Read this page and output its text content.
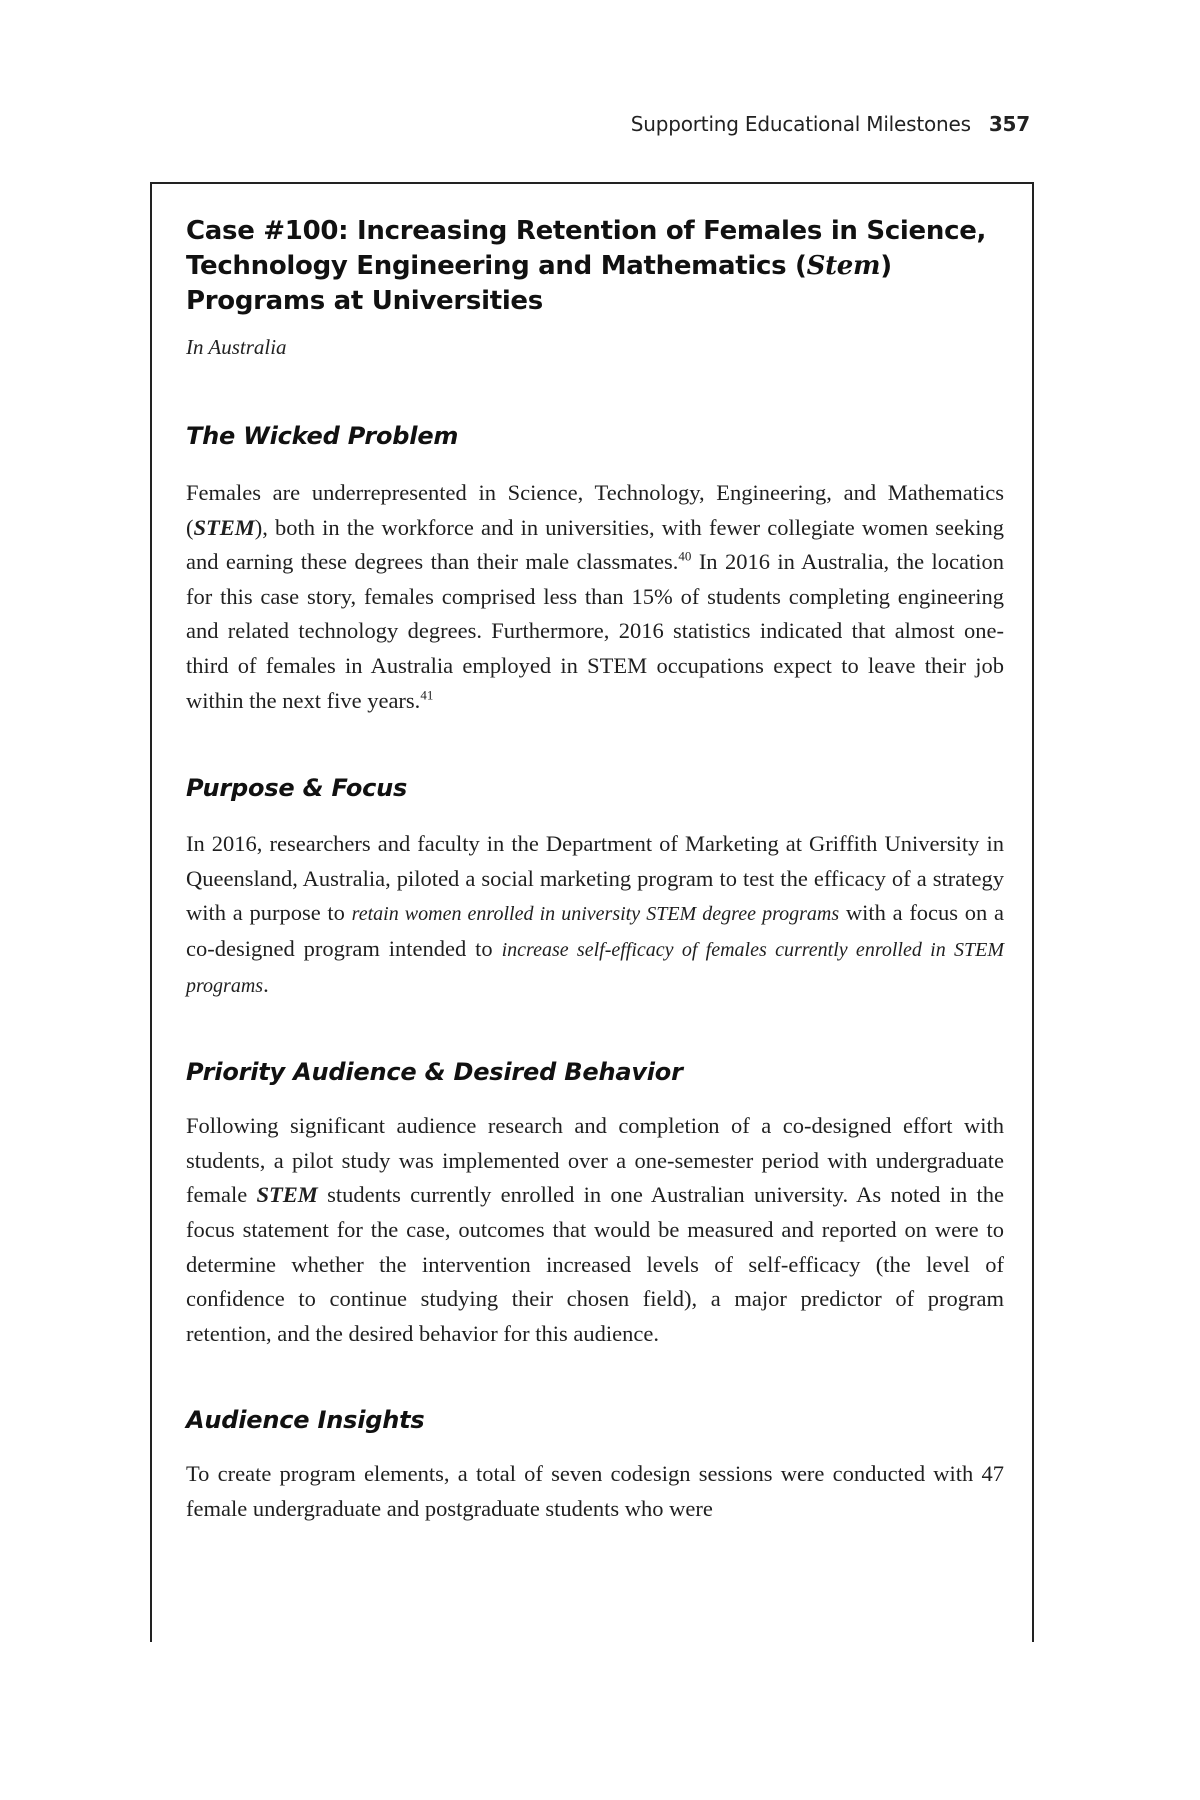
Supporting Educational Milestones 357
Case #100: Increasing Retention of Females in Science, Technology Engineering and Mathematics (Stem) Programs at Universities

In Australia

The Wicked Problem

Females are underrepresented in Science, Technology, Engineering, and Mathematics (STEM), both in the workforce and in universities, with fewer collegiate women seeking and earning these degrees than their male classmates.$^{40}$ In 2016 in Australia, the location for this case story, females comprised less than 15% of students completing engineering and related technology degrees. Furthermore, 2016 statistics indicated that almost one-third of females in Australia employed in STEM occupations expect to leave their job within the next five years.$^{41}$

Purpose & Focus

In 2016, researchers and faculty in the Department of Marketing at Griffith University in Queensland, Australia, piloted a social marketing program to test the efficacy of a strategy with a purpose to retain women enrolled in university STEM degree programs with a focus on a co-designed program intended to increase self-efficacy of females currently enrolled in STEM programs.

Priority Audience & Desired Behavior

Following significant audience research and completion of a co-designed effort with students, a pilot study was implemented over a one-semester period with undergraduate female STEM students currently enrolled in one Australian university. As noted in the focus statement for the case, outcomes that would be measured and reported on were to determine whether the intervention increased levels of self-efficacy (the level of confidence to continue studying their chosen field), a major predictor of program retention, and the desired behavior for this audience.

Audience Insights

To create program elements, a total of seven codesign sessions were conducted with 47 female undergraduate and postgraduate students who were
